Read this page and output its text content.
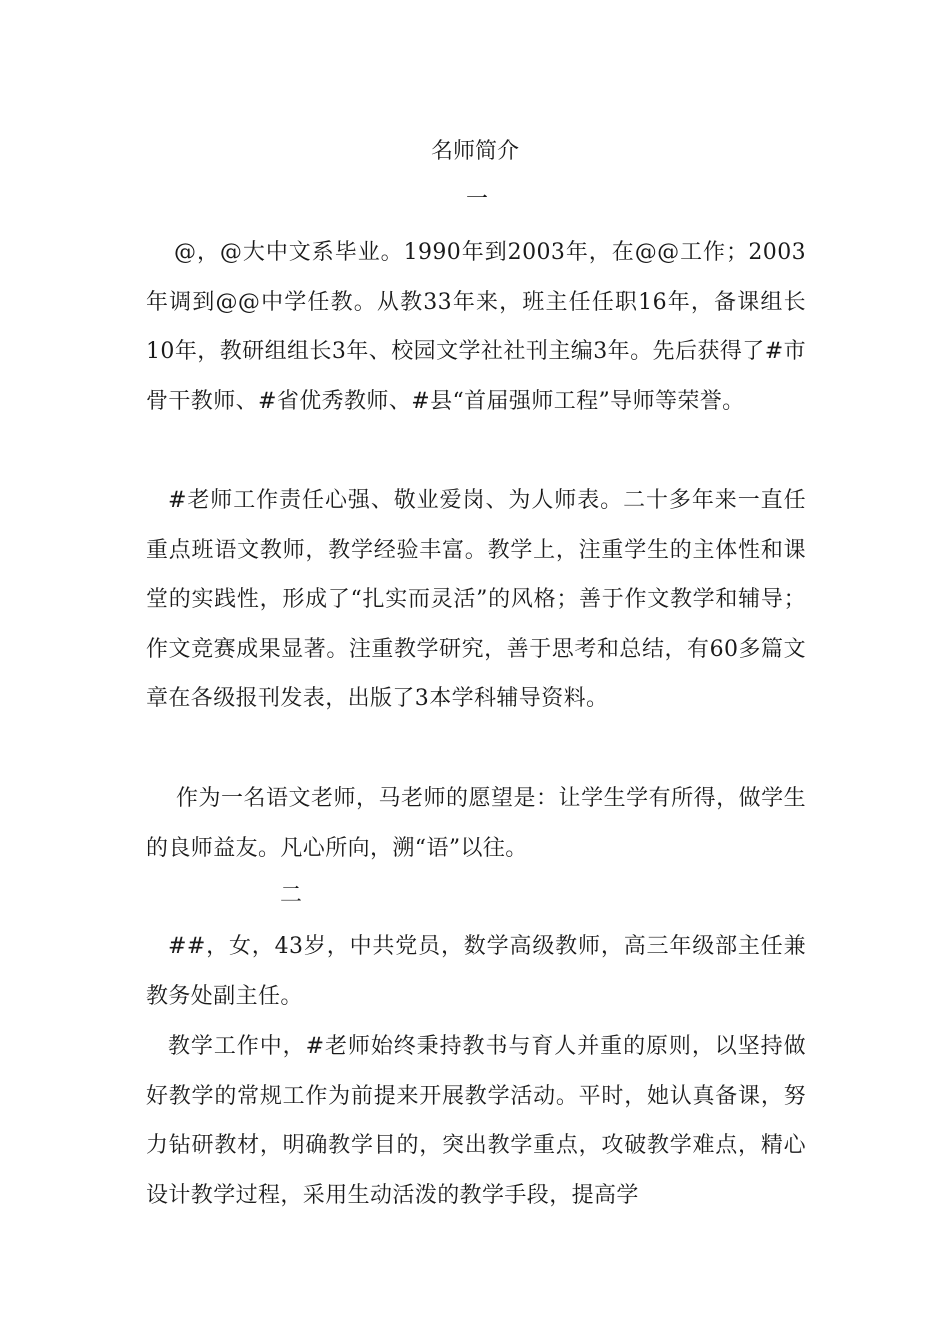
名师简介
一

@，@大中文系毕业。1990年到2003年，在@@工作；2003年调到@@中学任教。从教33年来，班主任任职16年，备课组长10年，教研组组长3年、校园文学社社刊主编3年。先后获得了#市骨干教师、#省优秀教师、#县“首届强师工程”导师等荣誉。

#老师工作责任心强、敬业爱岗、为人师表。二十多年来一直任重点班语文教师，教学经验丰富。教学上，注重学生的主体性和课堂的实践性，形成了“扎实而灵活”的风格；善于作文教学和辅导；作文竞赛成果显著。注重教学研究，善于思考和总结，有60多篇文章在各级报刊发表，出版了3本学科辅导资料。

作为一名语文老师，马老师的愿望是：让学生学有所得，做学生的良师益友。凡心所向，溯“语”以往。

二

##，女，43岁，中共党员，数学高级教师，高三年级部主任兼教务处副主任。

教学工作中，#老师始终秉持教书与育人并重的原则，以坚持做好教学的常规工作为前提来开展教学活动。平时，她认真备课，努力钻研教材，明确教学目的，突出教学重点，攻破教学难点，精心设计教学过程，采用生动活泼的教学手段，提高学
